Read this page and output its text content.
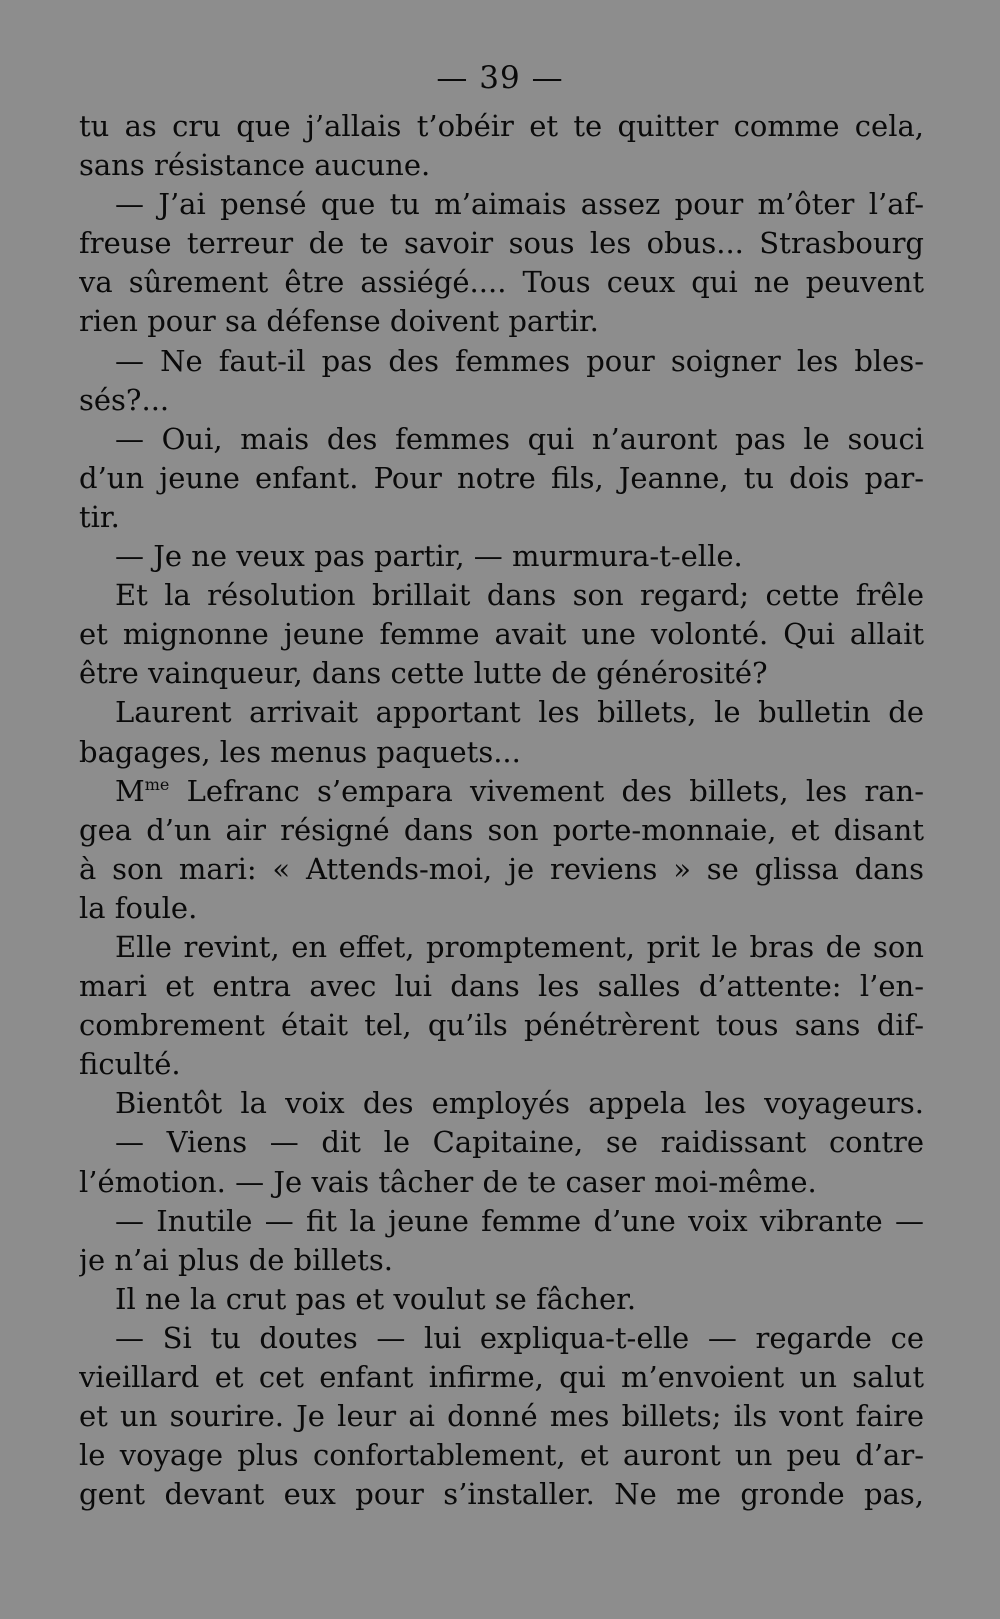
— 39 —
tu as cru que j’allais t’obéir et te quitter comme cela,
sans résistance aucune.
— J’ai pensé que tu m’aimais assez pour m’ôter l’af-
freuse terreur de te savoir sous les obus... Strasbourg
va sûrement être assiégé.... Tous ceux qui ne peuvent
rien pour sa défense doivent partir.
— Ne faut-il pas des femmes pour soigner les bles-
sés?...
— Oui, mais des femmes qui n’auront pas le souci
d’un jeune enfant. Pour notre fils, Jeanne, tu dois par-
tir.
— Je ne veux pas partir, — murmura-t-elle.
Et la résolution brillait dans son regard; cette frêle
et mignonne jeune femme avait une volonté. Qui allait
être vainqueur, dans cette lutte de générosité?
Laurent arrivait apportant les billets, le bulletin de
bagages, les menus paquets...
$M^{me}$ Lefranc s’empara vivement des billets, les ran-
gea d’un air résigné dans son porte-monnaie, et disant
à son mari: « Attends-moi, je reviens » se glissa dans
la foule.
Elle revint, en effet, promptement, prit le bras de son
mari et entra avec lui dans les salles d’attente: l’en-
combrement était tel, qu’ils pénétrèrent tous sans dif-
ficulté.
Bientôt la voix des employés appela les voyageurs.
— Viens — dit le Capitaine, se raidissant contre
l’émotion. — Je vais tâcher de te caser moi-même.
— Inutile — fit la jeune femme d’une voix vibrante —
je n’ai plus de billets.
Il ne la crut pas et voulut se fâcher.
— Si tu doutes — lui expliqua-t-elle — regarde ce
vieillard et cet enfant infirme, qui m’envoient un salut
et un sourire. Je leur ai donné mes billets; ils vont faire
le voyage plus confortablement, et auront un peu d’ar-
gent devant eux pour s’installer. Ne me gronde pas,
